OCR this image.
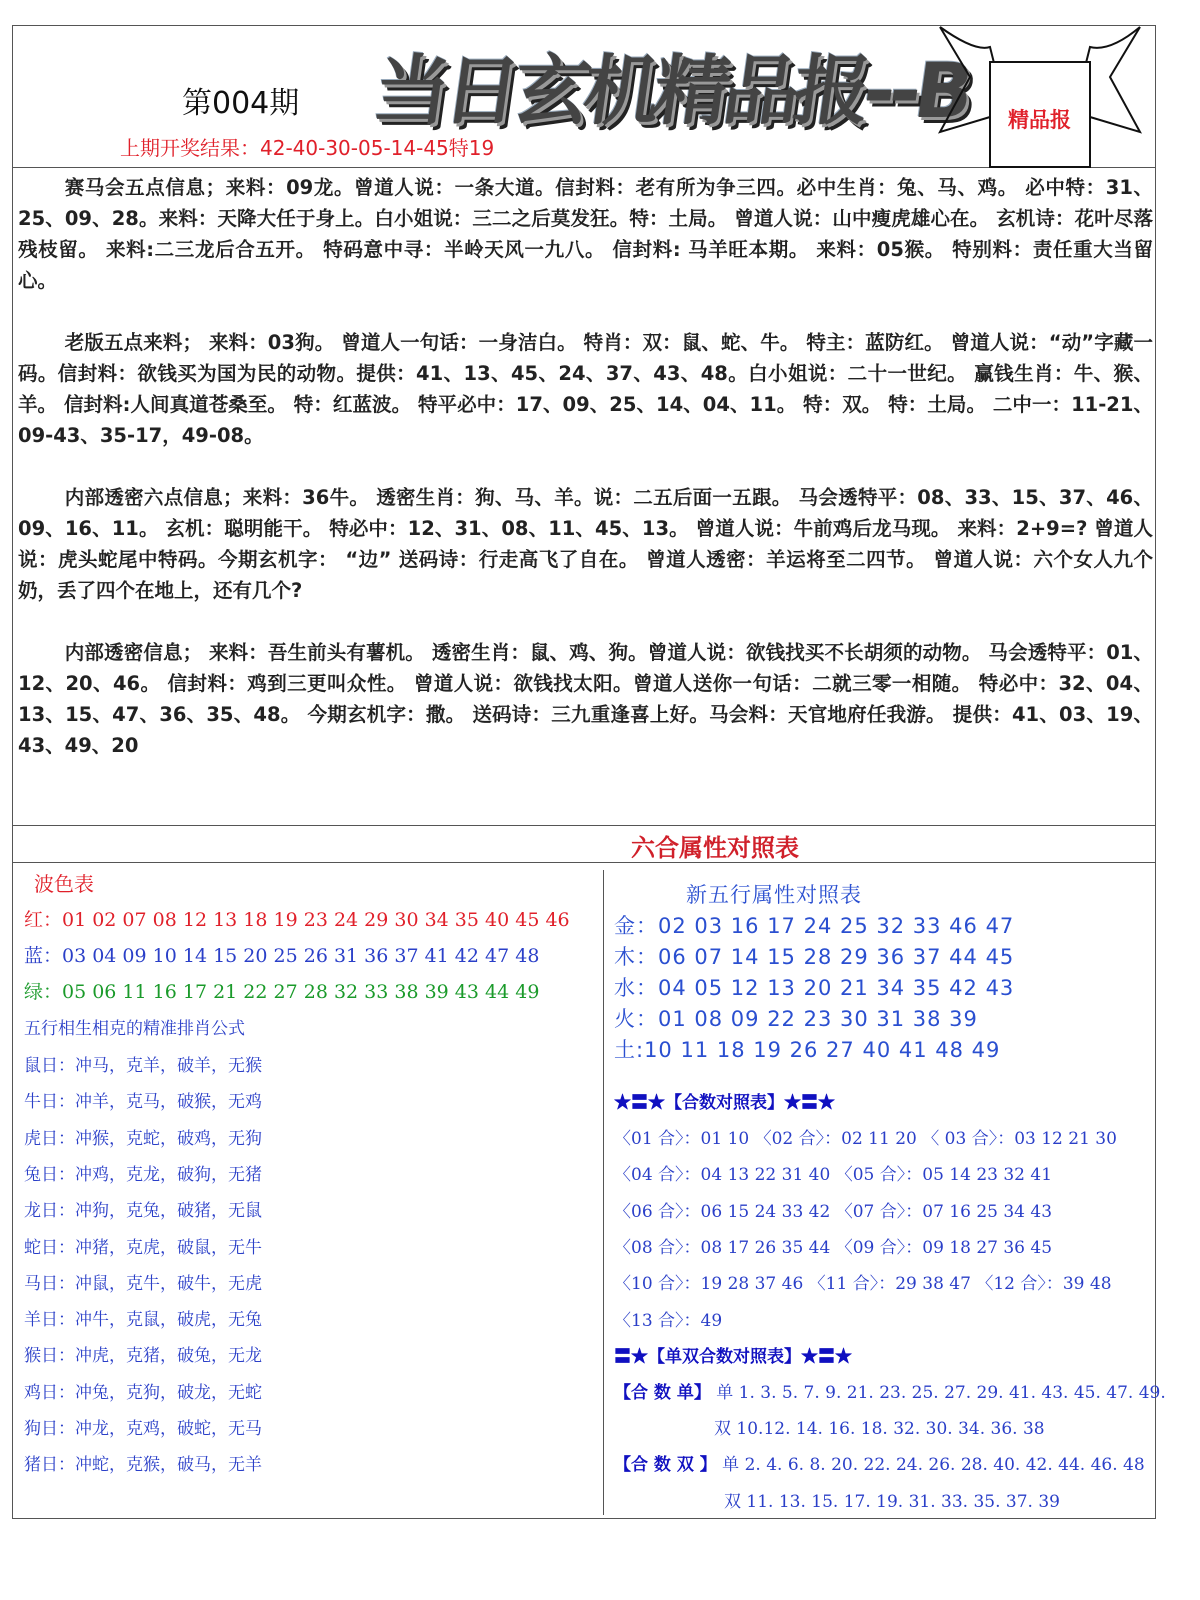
第004期 当日玄机精品报--B
上期开奖结果：42-40-30-05-14-45特19
精品报

赛马会五点信息；来料：09龙。曾道人说：一条大道。信封料：老有所为争三四。必中生肖：兔、马、鸡。 必中特：31、25、09、28。来料：天降大任于身上。白小姐说：三二之后莫发狂。特：土局。 曾道人说：山中瘦虎雄心在。 玄机诗：花叶尽落残枝留。 来料:二三龙后合五开。 特码意中寻：半岭天风一九八。 信封料: 马羊旺本期。 来料：05猴。 特别料：责任重大当留心。

老版五点来料； 来料：03狗。 曾道人一句话：一身洁白。 特肖：双：鼠、蛇、牛。 特主：蓝防红。 曾道人说：“动”字藏一码。信封料：欲钱买为国为民的动物。提供：41、13、45、24、37、43、48。白小姐说：二十一世纪。 赢钱生肖：牛、猴、羊。 信封料:人间真道苍桑至。 特：红蓝波。 特平必中：17、09、25、14、04、11。 特：双。 特：土局。 二中一：11-21、09-43、35-17，49-08。

内部透密六点信息；来料：36牛。 透密生肖：狗、马、羊。说：二五后面一五跟。 马会透特平：08、33、15、37、46、09、16、11。 玄机：聪明能干。 特必中：12、31、08、11、45、13。 曾道人说：牛前鸡后龙马现。 来料：2+9=? 曾道人说：虎头蛇尾中特码。今期玄机字： “边” 送码诗：行走高飞了自在。 曾道人透密：羊运将至二四节。 曾道人说：六个女人九个奶，丢了四个在地上，还有几个?

内部透密信息； 来料：吾生前头有薯机。 透密生肖：鼠、鸡、狗。曾道人说：欲钱找买不长胡须的动物。 马会透特平：01、12、20、46。 信封料：鸡到三更叫众性。 曾道人说：欲钱找太阳。曾道人送你一句话：二就三零一相随。 特必中：32、04、13、15、47、36、35、48。 今期玄机字：撒。 送码诗：三九重逢喜上好。马会料：天官地府任我游。 提供：41、03、19、43、49、20

六合属性对照表
波色表
红：01 02 07 08 12 13 18 19 23 24 29 30 34 35 40 45 46
蓝：03 04 09 10 14 15 20 25 26 31 36 37 41 42 47 48
绿：05 06 11 16 17 21 22 27 28 32 33 38 39 43 44 49
五行相生相克的精准排肖公式
新五行属性对照表
★〓★【合数对照表】★〓★
〓★【单双合数对照表】★〓★
【合 数 单】 单 1. 3. 5. 7. 9. 21. 23. 25. 27. 29. 41. 43. 45. 47. 49.
双 10.12. 14. 16. 18. 32. 30. 34. 36. 38
【合 数 双 】 单 2. 4. 6. 8. 20. 22. 24. 26. 28. 40. 42. 44. 46. 48
双 11. 13. 15. 17. 19. 31. 33. 35. 37. 39
鼠日：冲马，克羊，破羊，无猴
牛日：冲羊，克马，破猴，无鸡
虎日：冲猴，克蛇，破鸡，无狗
兔日：冲鸡，克龙，破狗，无猪
龙日：冲狗，克兔，破猪，无鼠
蛇日：冲猪，克虎，破鼠，无牛
马日：冲鼠，克牛，破牛，无虎
羊日：冲牛，克鼠，破虎，无兔
猴日：冲虎，克猪，破兔，无龙
鸡日：冲兔，克狗，破龙，无蛇
狗日：冲龙，克鸡，破蛇，无马
猪日：冲蛇，克猴，破马，无羊
金：02 03 16 17 24 25 32 33 46 47
木：06 07 14 15 28 29 36 37 44 45
水：04 05 12 13 20 21 34 35 42 43
火：01 08 09 22 23 30 31 38 39
土:10 11 18 19 26 27 40 41 48 49
〈01 合〉：01 10 〈02 合〉：02 11 20 〈 03 合〉：03 12 21 30
〈04 合〉：04 13 22 31 40 〈05 合〉：05 14 23 32 41
〈06 合〉：06 15 24 33 42 〈07 合〉：07 16 25 34 43
〈08 合〉：08 17 26 35 44 〈09 合〉：09 18 27 36 45
〈10 合〉：19 28 37 46 〈11 合〉：29 38 47 〈12 合〉：39 48
〈13 合〉：49
